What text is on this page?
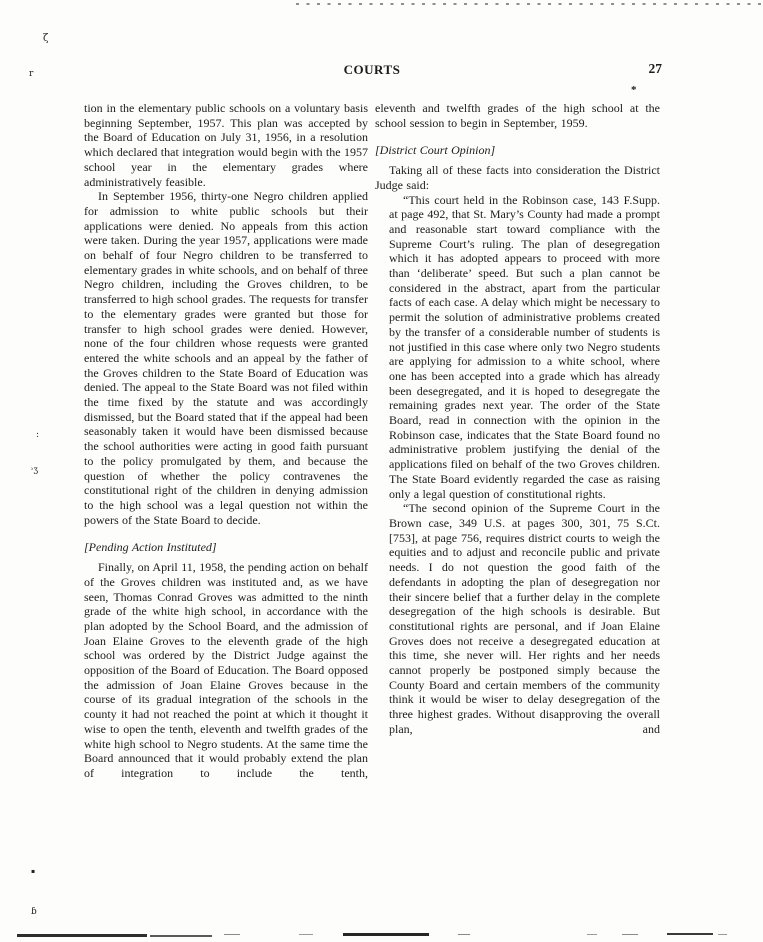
ζ
r
:
˒ʒ
▪
ɓ
COURTS	27
*

tion in the elementary public schools on a voluntary basis beginning September, 1957. This plan was accepted by the Board of Education on July 31, 1956, in a resolution which declared that integration would begin with the 1957 school year in the elementary grades where administratively feasible.

In September 1956, thirty-one Negro children applied for admission to white public schools but their applications were denied. No appeals from this action were taken. During the year 1957, applications were made on behalf of four Negro children to be transferred to elementary grades in white schools, and on behalf of three Negro children, including the Groves children, to be transferred to high school grades. The requests for transfer to the elementary grades were granted but those for transfer to high school grades were denied. However, none of the four children whose requests were granted entered the white schools and an appeal by the father of the Groves children to the State Board of Education was denied. The appeal to the State Board was not filed within the time fixed by the statute and was accordingly dismissed, but the Board stated that if the appeal had been seasonably taken it would have been dismissed because the school authorities were acting in good faith pursuant to the policy promulgated by them, and because the question of whether the policy contravenes the constitutional right of the children in denying admission to the high school was a legal question not within the powers of the State Board to decide.

[Pending Action Instituted]

Finally, on April 11, 1958, the pending action on behalf of the Groves children was instituted and, as we have seen, Thomas Conrad Groves was admitted to the ninth grade of the white high school, in accordance with the plan adopted by the School Board, and the admission of Joan Elaine Groves to the eleventh grade of the high school was ordered by the District Judge against the opposition of the Board of Education. The Board opposed the admission of Joan Elaine Groves because in the course of its gradual integration of the schools in the county it had not reached the point at which it thought it wise to open the tenth, eleventh and twelfth grades of the white high school to Negro students. At the same time the Board announced that it would probably extend the plan of integration to include the tenth,

eleventh and twelfth grades of the high school at the school session to begin in September, 1959.

[District Court Opinion]

Taking all of these facts into consideration the District Judge said:

“This court held in the Robinson case, 143 F.Supp. at page 492, that St. Mary’s County had made a prompt and reasonable start toward compliance with the Supreme Court’s ruling. The plan of desegregation which it has adopted appears to proceed with more than ‘deliberate’ speed. But such a plan cannot be considered in the abstract, apart from the particular facts of each case. A delay which might be necessary to permit the solution of administrative problems created by the transfer of a considerable number of students is not justified in this case where only two Negro students are applying for admission to a white school, where one has been accepted into a grade which has already been desegregated, and it is hoped to desegregate the remaining grades next year. The order of the State Board, read in connection with the opinion in the Robinson case, indicates that the State Board found no administrative problem justifying the denial of the applications filed on behalf of the two Groves children. The State Board evidently regarded the case as raising only a legal question of constitutional rights.

“The second opinion of the Supreme Court in the Brown case, 349 U.S. at pages 300, 301, 75 S.Ct. [753], at page 756, requires district courts to weigh the equities and to adjust and reconcile public and private needs. I do not question the good faith of the defendants in adopting the plan of desegregation nor their sincere belief that a further delay in the complete desegregation of the high schools is desirable. But constitutional rights are personal, and if Joan Elaine Groves does not receive a desegregated education at this time, she never will. Her rights and her needs cannot properly be postponed simply because the County Board and certain members of the community think it would be wiser to delay desegregation of the three highest grades. Without disapproving the overall plan, and
